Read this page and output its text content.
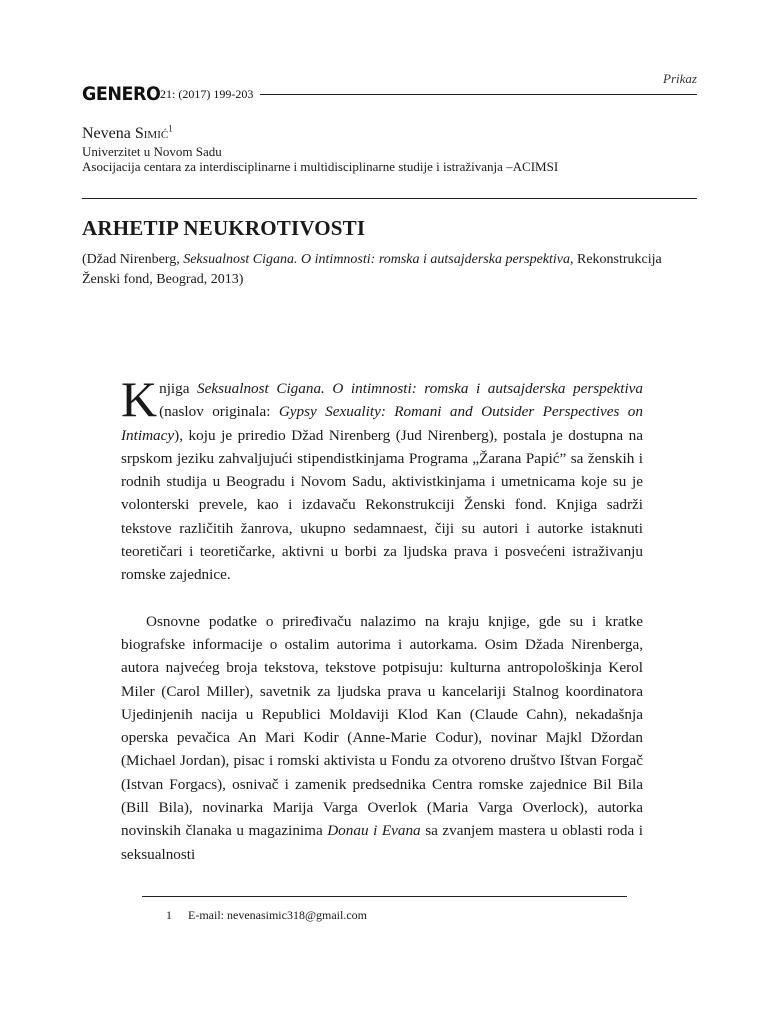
Prikaz
GENERO 21: (2017) 199-203
Nevena Simić$^1$
Univerzitet u Novom Sadu
Asocijacija centara za interdisciplinarne i multidisciplinarne studije i istraživanja –ACIMSI
ARHETIP NEUKROTIVOSTI
(Džad Nirenberg, Seksualnost Cigana. O intimnosti: romska i autsajderska perspektiva, Rekonstrukcija Ženski fond, Beograd, 2013)

Knjiga Seksualnost Cigana. O intimnosti: romska i autsajderska perspektiva (naslov originala: Gypsy Sexuality: Romani and Outsider Perspectives on Intimacy), koju je priredio Džad Nirenberg (Jud Nirenberg), postala je dostupna na srpskom jeziku zahvaljujući stipendistkinjama Programa „Žarana Papić” sa ženskih i rodnih studija u Beogradu i Novom Sadu, aktivistkinjama i umetnicama koje su je volonterski prevele, kao i izdavaču Rekonstrukciji Ženski fond. Knjiga sadrži tekstove različitih žanrova, ukupno sedamnaest, čiji su autori i autorke istaknuti teoretičari i teoretičarke, aktivni u borbi za ljudska prava i posvećeni istraživanju romske zajednice.

Osnovne podatke o priređivaču nalazimo na kraju knjige, gde su i kratke biografske informacije o ostalim autorima i autorkama. Osim Džada Nirenberga, autora najvećeg broja tekstova, tekstove potpisuju: kulturna antropološkinja Kerol Miler (Carol Miller), savetnik za ljudska prava u kancelariji Stalnog koordinatora Ujedinjenih nacija u Republici Moldaviji Klod Kan (Claude Cahn), nekadašnja operska pevačica An Mari Kodir (Anne-Marie Codur), novinar Majkl Džordan (Michael Jordan), pisac i romski aktivista u Fondu za otvoreno društvo Ištvan Forgač (Istvan Forgacs), osnivač i zamenik predsednika Centra romske zajednice Bil Bila (Bill Bila), novinarka Marija Varga Overlok (Maria Varga Overlock), autorka novinskih članaka u magazinima Donau i Evana sa zvanjem mastera u oblasti roda i seksualnosti

1 E-mail: nevenasimic318@gmail.com
